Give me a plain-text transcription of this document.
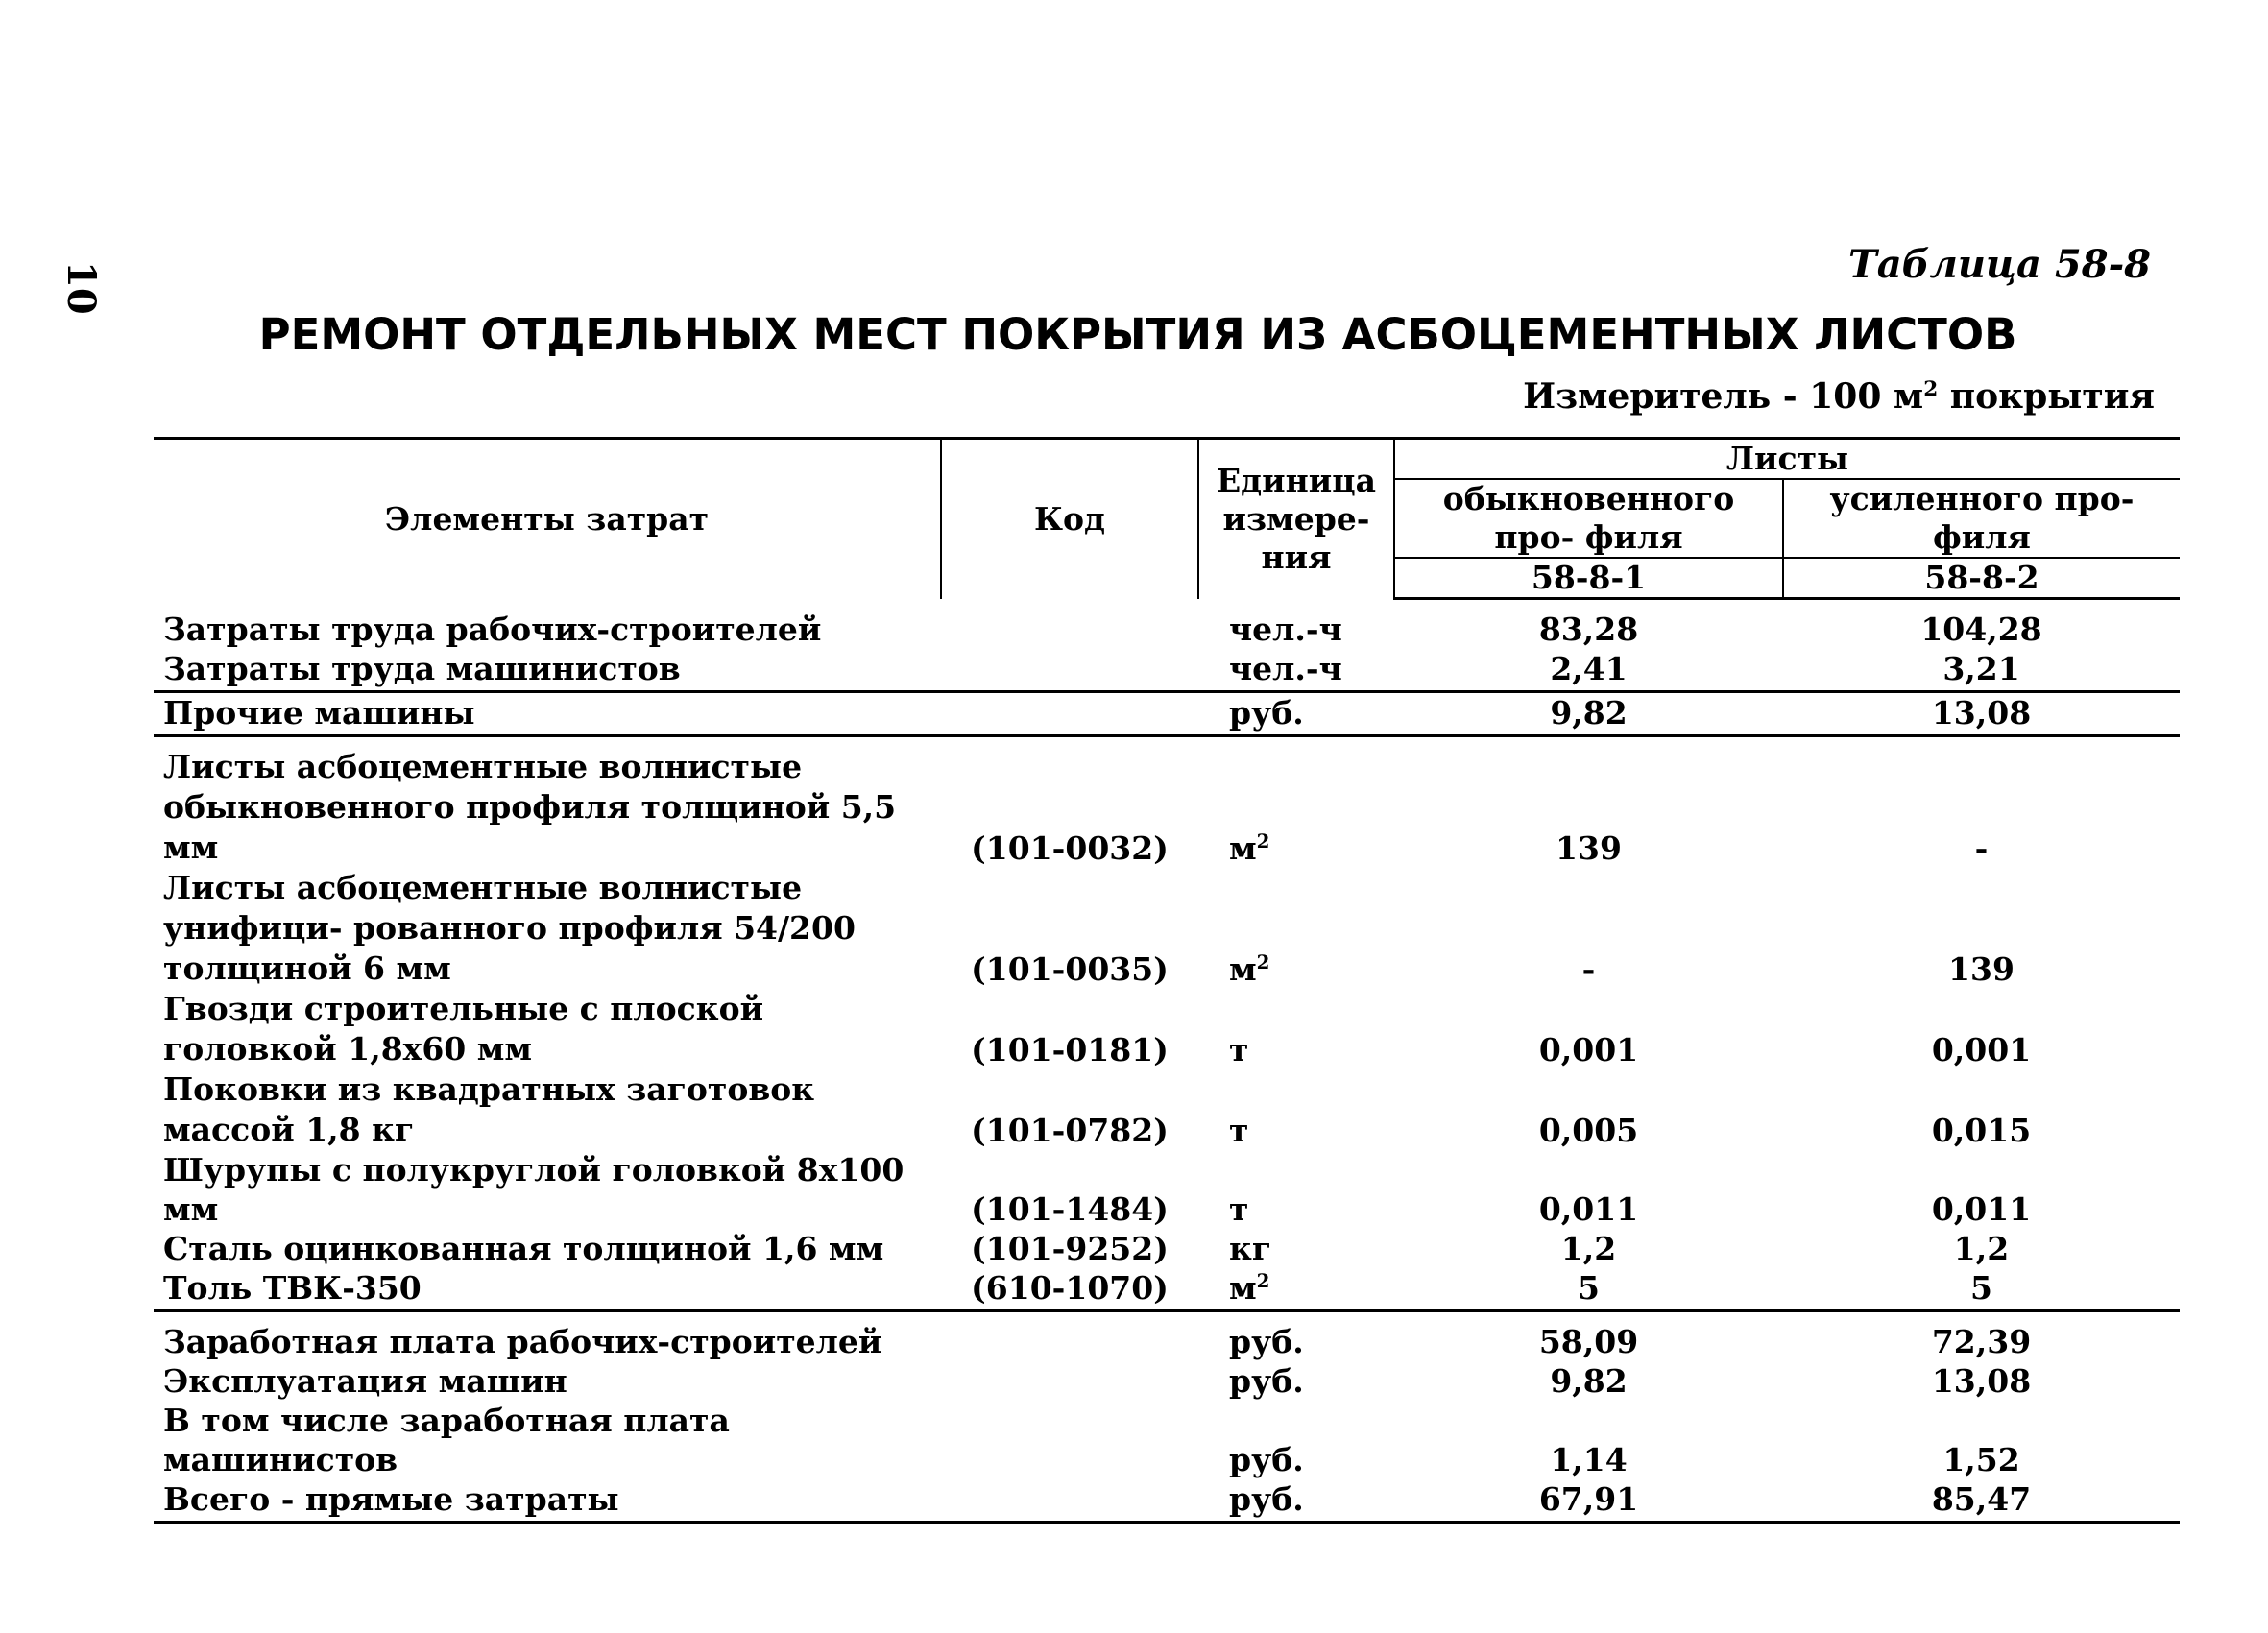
10	Таблица 58-8
РЕМОНТ ОТДЕЛЬНЫХ МЕСТ ПОКРЫТИЯ ИЗ АСБОЦЕМЕНТНЫХ ЛИСТОВ
Измеритель - 100 $м^2$ покрытия
Элементы затрат	Код	Единица измере- ния	Листы	
			обыкновенного про- филя	усиленного про- филя
			58-8-1	58-8-2
Затраты труда рабочих-строителей		чел.-ч	83,28	104,28
Затраты труда машинистов		чел.-ч	2,41	3,21
Прочие машины		руб.	9,82	13,08
Листы асбоцементные волнистые обыкновенного профиля толщиной 5,5 мм	(101-0032)	$м^2$	139	-
Листы асбоцементные волнистые унифици- рованного профиля 54/200 толщиной 6 мм	(101-0035)	$м^2$	-	139
Гвозди строительные с плоской головкой 1,8х60 мм	(101-0181)	т	0,001	0,001
Поковки из квадратных заготовок массой 1,8 кг	(101-0782)	т	0,005	0,015
Шурупы с полукруглой головкой 8х100 мм	(101-1484)	т	0,011	0,011
Сталь оцинкованная толщиной 1,6 мм	(101-9252)	кг	1,2	1,2
Толь ТВК-350	(610-1070)	$м^2$	5	5
Заработная плата рабочих-строителей		руб.	58,09	72,39
Эксплуатация машин		руб.	9,82	13,08
В том числе заработная плата машинистов		руб.	1,14	1,52
Всего - прямые затраты		руб.	67,91	85,47
